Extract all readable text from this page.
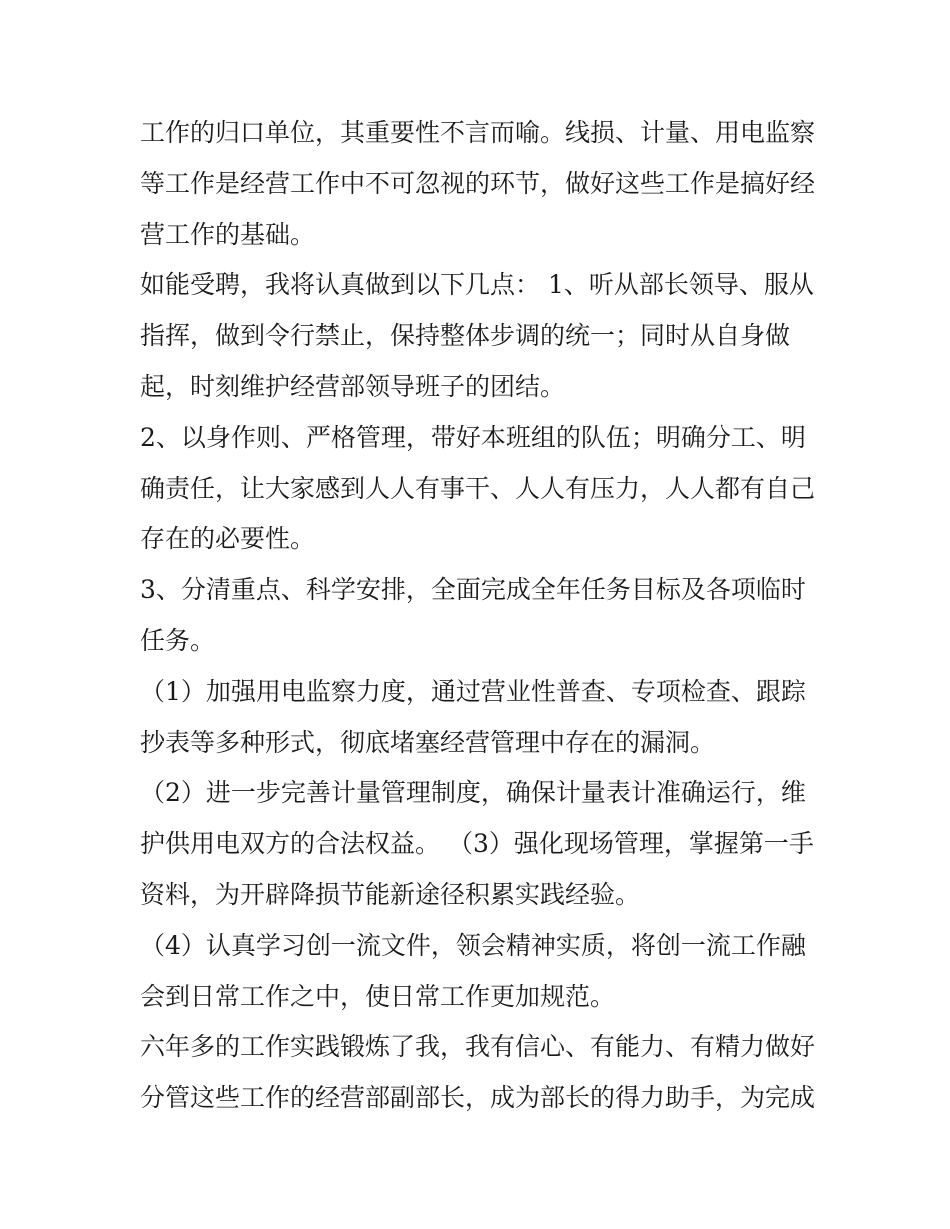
工作的归口单位，其重要性不言而喻。线损、计量、用电监察
等工作是经营工作中不可忽视的环节，做好这些工作是搞好经
营工作的基础。
如能受聘，我将认真做到以下几点： 1、听从部长领导、服从
指挥，做到令行禁止，保持整体步调的统一；同时从自身做
起，时刻维护经营部领导班子的团结。
2、以身作则、严格管理，带好本班组的队伍；明确分工、明
确责任，让大家感到人人有事干、人人有压力，人人都有自己
存在的必要性。
3、分清重点、科学安排，全面完成全年任务目标及各项临时
任务。
（1）加强用电监察力度，通过营业性普查、专项检查、跟踪
抄表等多种形式，彻底堵塞经营管理中存在的漏洞。
（2）进一步完善计量管理制度，确保计量表计准确运行，维
护供用电双方的合法权益。 （3）强化现场管理，掌握第一手
资料，为开辟降损节能新途径积累实践经验。
（4）认真学习创一流文件，领会精神实质，将创一流工作融
会到日常工作之中，使日常工作更加规范。
六年多的工作实践锻炼了我，我有信心、有能力、有精力做好
分管这些工作的经营部副部长，成为部长的得力助手，为完成
